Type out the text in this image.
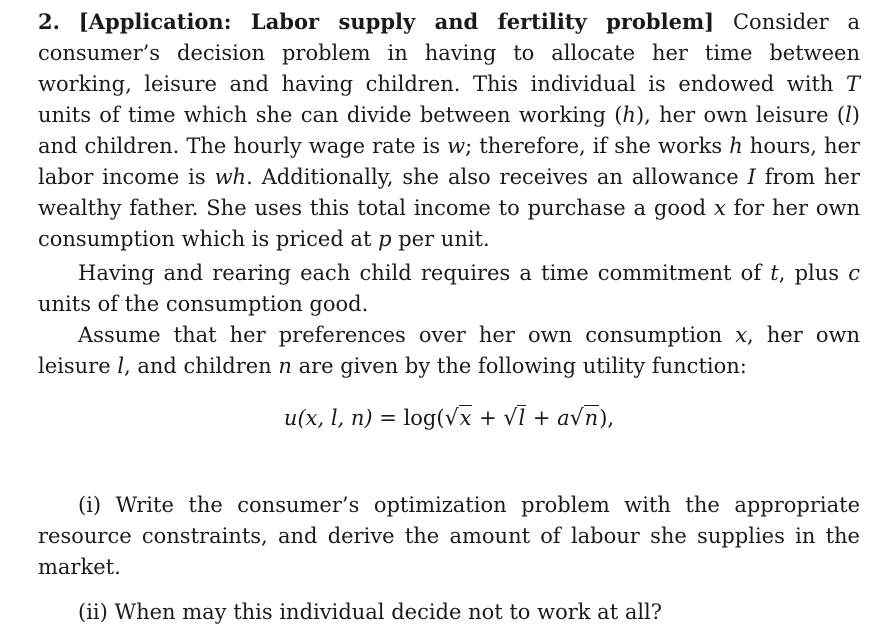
2. [Application: Labor supply and fertility problem] Consider a consumer’s decision problem in having to allocate her time between working, leisure and having children. This individual is endowed with T units of time which she can divide between working (h), her own leisure (l) and children. The hourly wage rate is w; therefore, if she works h hours, her labor income is wh. Additionally, she also receives an allowance I from her wealthy father. She uses this total income to purchase a good x for her own consumption which is priced at p per unit.

Having and rearing each child requires a time commitment of t, plus c units of the consumption good.

Assume that her preferences over her own consumption x, her own leisure l, and children n are given by the following utility function:

u(x, l, n) = log(√x + √l + a√n),

(i) Write the consumer’s optimization problem with the appropriate resource constraints, and derive the amount of labour she supplies in the market.

(ii) When may this individual decide not to work at all?
